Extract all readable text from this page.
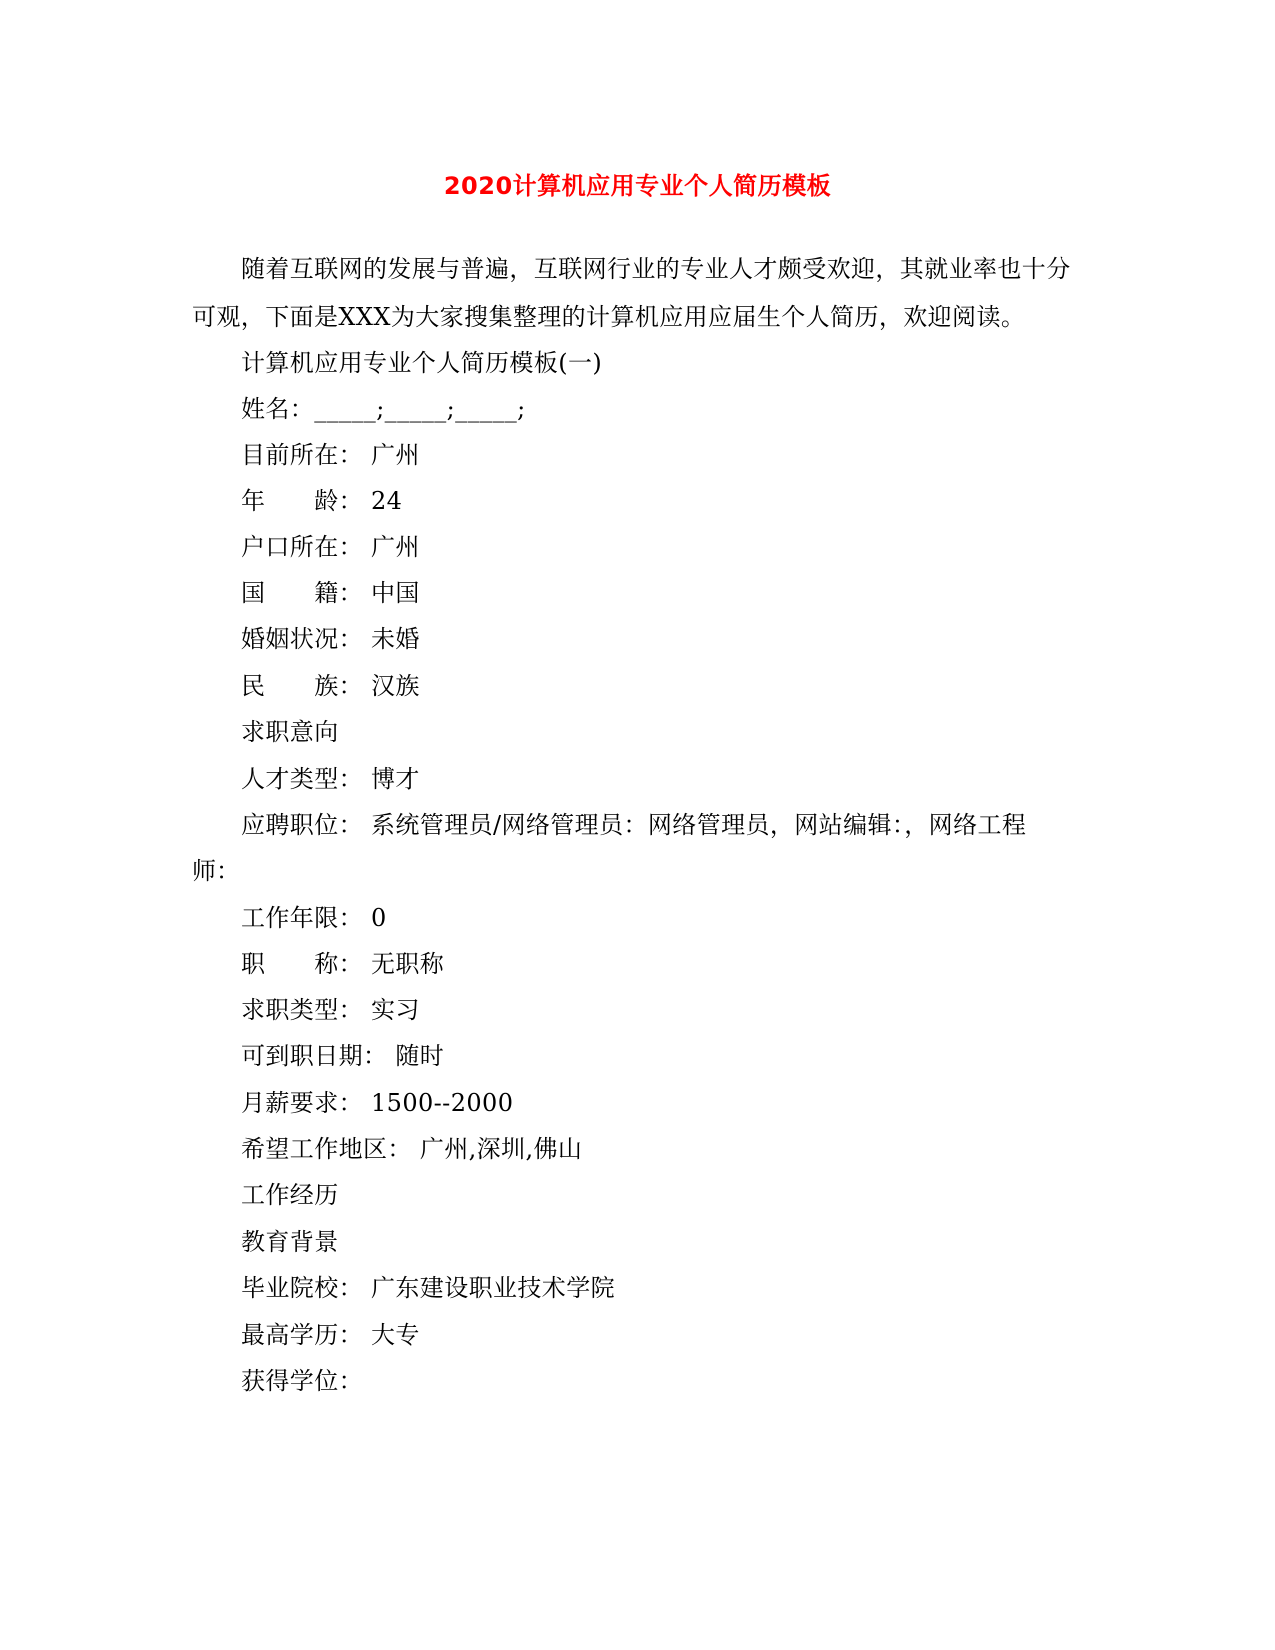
2020计算机应用专业个人简历模板
随着互联网的发展与普遍，互联网行业的专业人才颇受欢迎，其就业率也十分可观，下面是XXX为大家搜集整理的计算机应用应届生个人简历，欢迎阅读。
计算机应用专业个人简历模板(一)
姓名：_____;_____;_____;
目前所在： 广州
年　　龄： 24
户口所在： 广州
国　　籍： 中国
婚姻状况： 未婚
民　　族： 汉族
求职意向
人才类型： 博才
应聘职位： 系统管理员/网络管理员：网络管理员，网站编辑：，网络工程
师：
工作年限： 0
职　　称： 无职称
求职类型： 实习
可到职日期： 随时
月薪要求： 1500--2000
希望工作地区： 广州,深圳,佛山
工作经历
教育背景
毕业院校： 广东建设职业技术学院
最高学历： 大专
获得学位：
